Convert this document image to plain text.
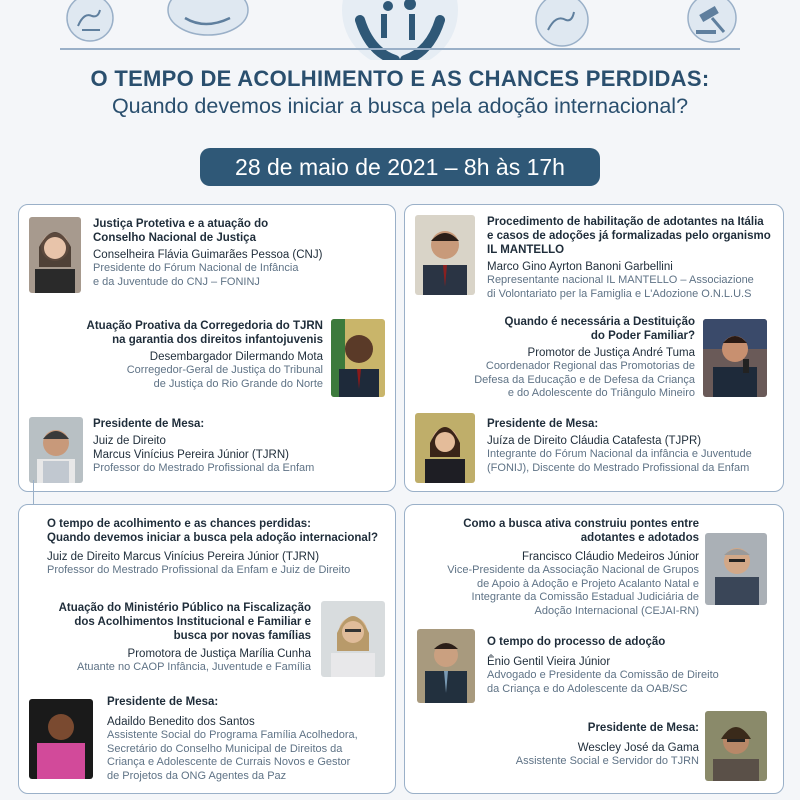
O TEMPO DE ACOLHIMENTO E AS CHANCES PERDIDAS:
Quando devemos iniciar a busca pela adoção internacional?
28 de maio de 2021 – 8h às 17h
Justiça Protetiva e a atuação do
Conselho Nacional de Justiça
Conselheira Flávia Guimarães Pessoa (CNJ)
Presidente do Fórum Nacional de Infância
e da Juventude do CNJ – FONINJ
Atuação Proativa da Corregedoria do TJRN
na garantia dos direitos infantojuvenis
Desembargador Dilermando Mota
Corregedor-Geral de Justiça do Tribunal
de Justiça do Rio Grande do Norte
Presidente de Mesa:
Juiz de Direito
Marcus Vinícius Pereira Júnior (TJRN)
Professor do Mestrado Profissional da Enfam
Procedimento de habilitação de adotantes na Itália
e casos de adoções já formalizadas pelo organismo
IL MANTELLO
Marco Gino Ayrton Banoni Garbellini
Representante nacional IL MANTELLO – Associazione
di Volontariato per la Famiglia e L'Adozione O.N.L.U.S
Quando é necessária a Destituição
do Poder Familiar?
Promotor de Justiça André Tuma
Coordenador Regional das Promotorias de
Defesa da Educação e de Defesa da Criança
e do Adolescente do Triângulo Mineiro
Presidente de Mesa:
Juíza de Direito Cláudia Catafesta (TJPR)
Integrante do Fórum Nacional da infância e Juventude
(FONIJ), Discente do Mestrado Profissional da Enfam
O tempo de acolhimento e as chances perdidas:
Quando devemos iniciar a busca pela adoção internacional?
Juiz de Direito Marcus Vinícius Pereira Júnior (TJRN)
Professor do Mestrado Profissional da Enfam e Juiz de Direito
Atuação do Ministério Público na Fiscalização
dos Acolhimentos Institucional e Familiar e
busca por novas famílias
Promotora de Justiça Marília Cunha
Atuante no CAOP Infância, Juventude e Família
Presidente de Mesa:
Adaildo Benedito dos Santos
Assistente Social do Programa Família Acolhedora,
Secretário do Conselho Municipal de Direitos da
Criança e Adolescente de Currais Novos e Gestor
de Projetos da ONG Agentes da Paz
Como a busca ativa construiu pontes entre
adotantes e adotados
Francisco Cláudio Medeiros Júnior
Vice-Presidente da Associação Nacional de Grupos
de Apoio à Adoção e Projeto Acalanto Natal e
Integrante da Comissão Estadual Judiciária de
Adoção Internacional (CEJAI-RN)
O tempo do processo de adoção
Ênio Gentil Vieira Júnior
Advogado e Presidente da Comissão de Direito
da Criança e do Adolescente da OAB/SC
Presidente de Mesa:
Wescley José da Gama
Assistente Social e Servidor do TJRN
